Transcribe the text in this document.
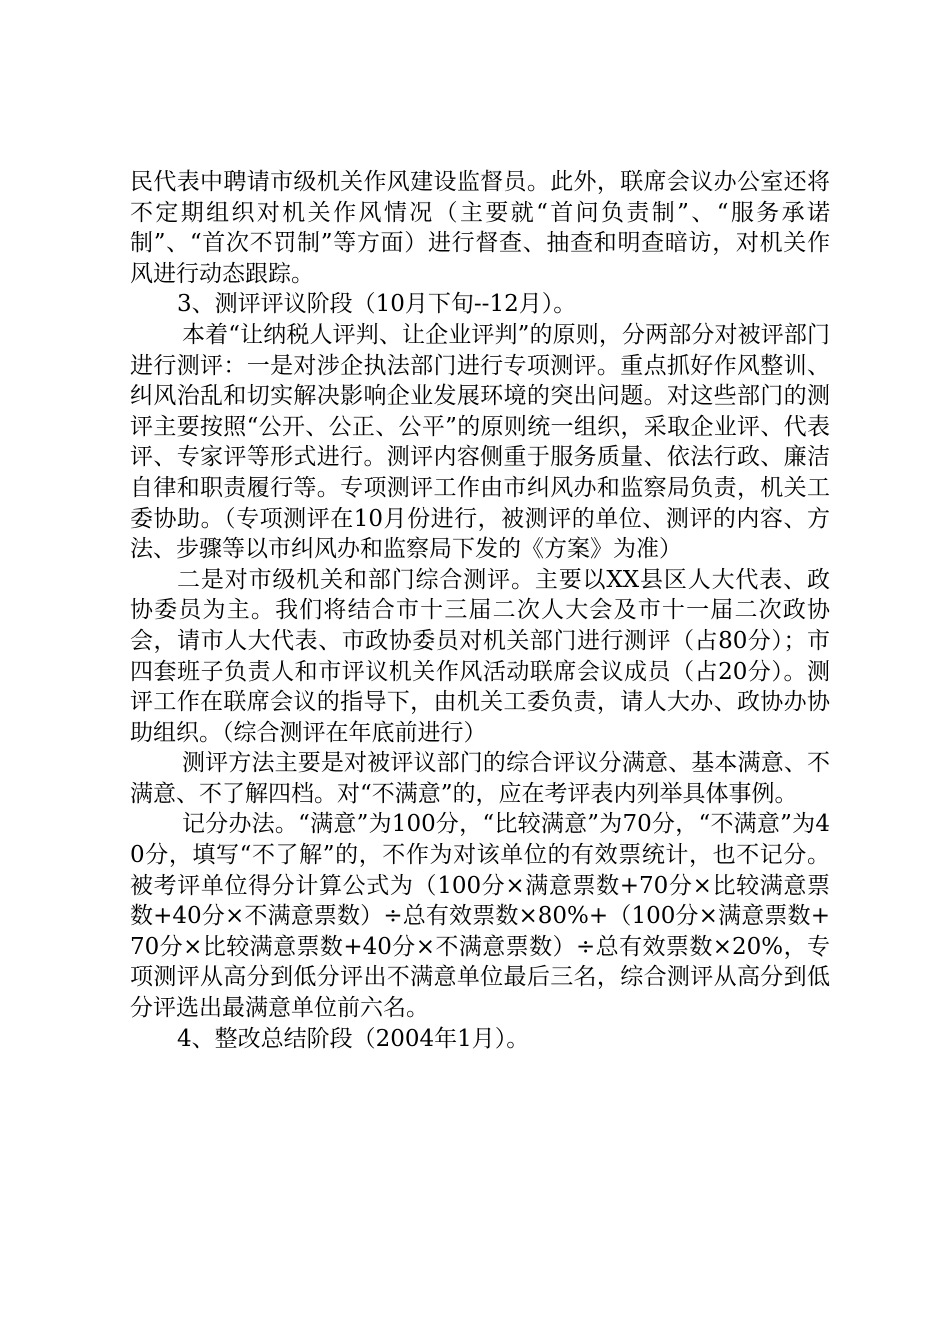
民代表中聘请市级机关作风建设监督员。此外，联席会议办公室还将不定期组织对机关作风情况（主要就“首问负责制”、“服务承诺制”、“首次不罚制”等方面）进行督查、抽查和明查暗访，对机关作风进行动态跟踪。

3、测评评议阶段（10月下旬--12月）。

本着“让纳税人评判、让企业评判”的原则，分两部分对被评部门进行测评：一是对涉企执法部门进行专项测评。重点抓好作风整训、纠风治乱和切实解决影响企业发展环境的突出问题。对这些部门的测评主要按照“公开、公正、公平”的原则统一组织，采取企业评、代表评、专家评等形式进行。测评内容侧重于服务质量、依法行政、廉洁自律和职责履行等。专项测评工作由市纠风办和监察局负责，机关工委协助。（专项测评在10月份进行，被测评的单位、测评的内容、方法、步骤等以市纠风办和监察局下发的《方案》为准）

二是对市级机关和部门综合测评。主要以XX县区人大代表、政协委员为主。我们将结合市十三届二次人大会及市十一届二次政协会，请市人大代表、市政协委员对机关部门进行测评（占80分）；市四套班子负责人和市评议机关作风活动联席会议成员（占20分）。测评工作在联席会议的指导下，由机关工委负责，请人大办、政协办协助组织。（综合测评在年底前进行）

测评方法主要是对被评议部门的综合评议分满意、基本满意、不满意、不了解四档。对“不满意”的，应在考评表内列举具体事例。

记分办法。“满意”为100分，“比较满意”为70分，“不满意”为40分，填写“不了解”的，不作为对该单位的有效票统计，也不记分。被考评单位得分计算公式为（100分×满意票数+70分×比较满意票数+40分×不满意票数）÷总有效票数×80%+（100分×满意票数+70分×比较满意票数+40分×不满意票数）÷总有效票数×20%，专项测评从高分到低分评出不满意单位最后三名，综合测评从高分到低分评选出最满意单位前六名。

4、整改总结阶段（2004年1月）。
